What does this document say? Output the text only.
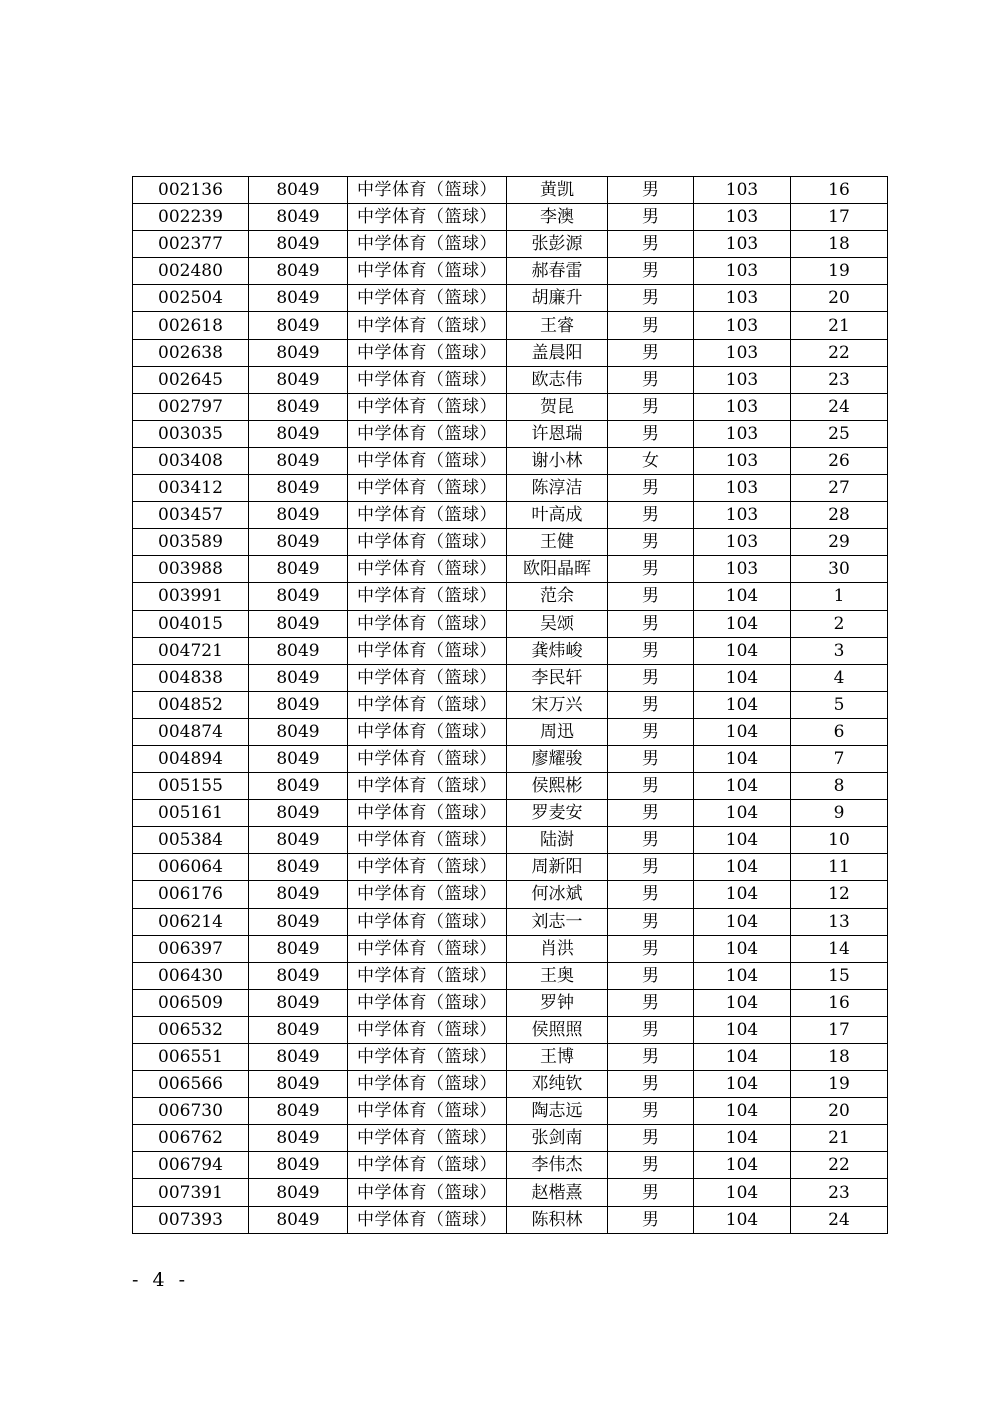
002136	8049	中学体育（篮球）	黄凯	男	103	16
002239	8049	中学体育（篮球）	李澳	男	103	17
002377	8049	中学体育（篮球）	张彭源	男	103	18
002480	8049	中学体育（篮球）	郝春雷	男	103	19
002504	8049	中学体育（篮球）	胡廉升	男	103	20
002618	8049	中学体育（篮球）	王睿	男	103	21
002638	8049	中学体育（篮球）	盖晨阳	男	103	22
002645	8049	中学体育（篮球）	欧志伟	男	103	23
002797	8049	中学体育（篮球）	贺昆	男	103	24
003035	8049	中学体育（篮球）	许恩瑞	男	103	25
003408	8049	中学体育（篮球）	谢小林	女	103	26
003412	8049	中学体育（篮球）	陈淳洁	男	103	27
003457	8049	中学体育（篮球）	叶高成	男	103	28
003589	8049	中学体育（篮球）	王健	男	103	29
003988	8049	中学体育（篮球）	欧阳晶晖	男	103	30
003991	8049	中学体育（篮球）	范余	男	104	1
004015	8049	中学体育（篮球）	吴颂	男	104	2
004721	8049	中学体育（篮球）	龚炜峻	男	104	3
004838	8049	中学体育（篮球）	李民轩	男	104	4
004852	8049	中学体育（篮球）	宋万兴	男	104	5
004874	8049	中学体育（篮球）	周迅	男	104	6
004894	8049	中学体育（篮球）	廖耀骏	男	104	7
005155	8049	中学体育（篮球）	侯熙彬	男	104	8
005161	8049	中学体育（篮球）	罗麦安	男	104	9
005384	8049	中学体育（篮球）	陆澍	男	104	10
006064	8049	中学体育（篮球）	周新阳	男	104	11
006176	8049	中学体育（篮球）	何冰斌	男	104	12
006214	8049	中学体育（篮球）	刘志一	男	104	13
006397	8049	中学体育（篮球）	肖洪	男	104	14
006430	8049	中学体育（篮球）	王奥	男	104	15
006509	8049	中学体育（篮球）	罗钟	男	104	16
006532	8049	中学体育（篮球）	侯照照	男	104	17
006551	8049	中学体育（篮球）	王博	男	104	18
006566	8049	中学体育（篮球）	邓纯钦	男	104	19
006730	8049	中学体育（篮球）	陶志远	男	104	20
006762	8049	中学体育（篮球）	张剑南	男	104	21
006794	8049	中学体育（篮球）	李伟杰	男	104	22
007391	8049	中学体育（篮球）	赵楷熹	男	104	23
007393	8049	中学体育（篮球）	陈积林	男	104	24
- 4 -
